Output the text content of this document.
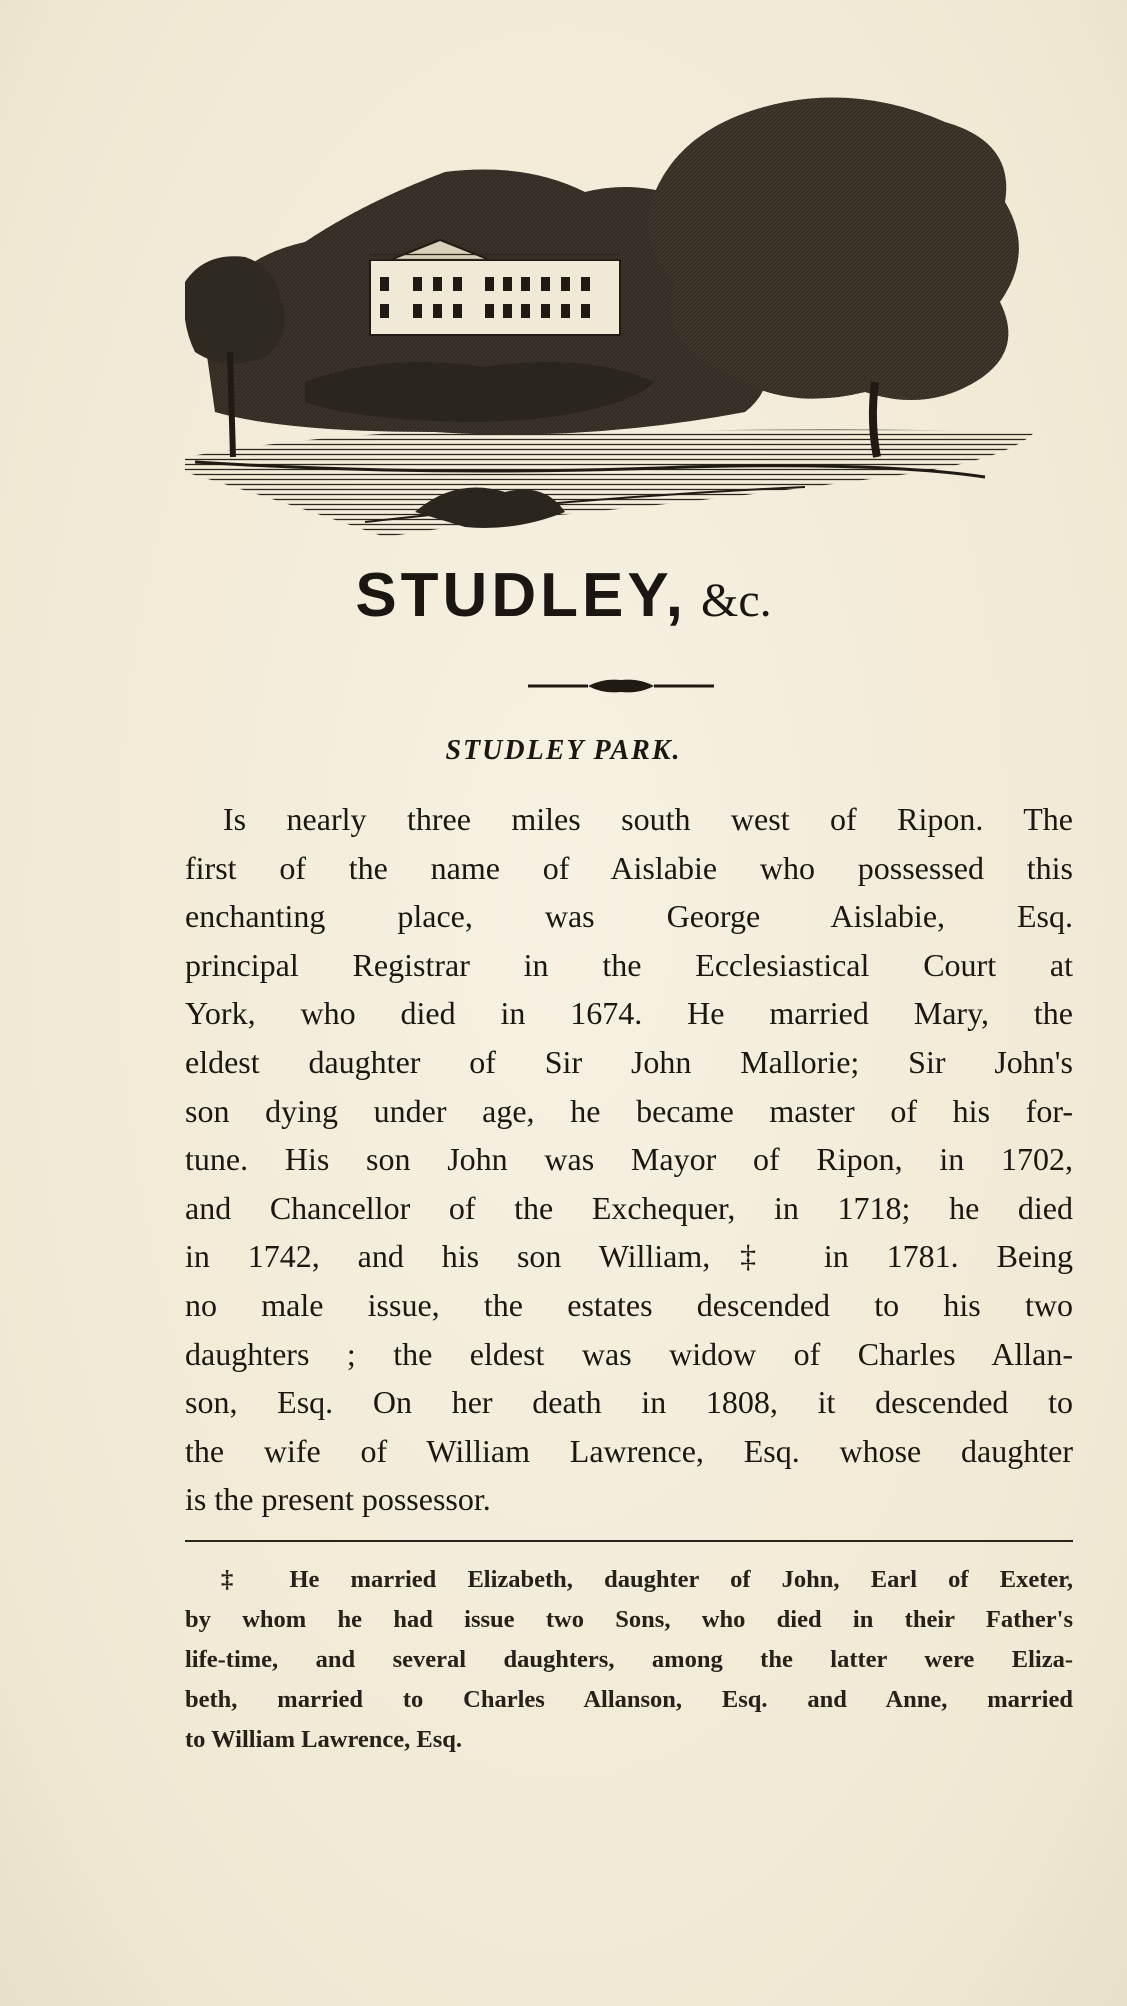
STUDLEY, &c.
STUDLEY PARK.
Is nearly three miles south west of Ripon. The
first of the name of Aislabie who possessed this
enchanting place, was George Aislabie, Esq.
principal Registrar in the Ecclesiastical Court at
York, who died in 1674. He married Mary, the
eldest daughter of Sir John Mallorie; Sir John's
son dying under age, he became master of his for-
tune. His son John was Mayor of Ripon, in 1702,
and Chancellor of the Exchequer, in 1718; he died
in 1742, and his son William,‡ in 1781. Being
no male issue, the estates descended to his two
daughters ; the eldest was widow of Charles Allan-
son, Esq. On her death in 1808, it descended to
the wife of William Lawrence, Esq. whose daughter
is the present possessor.
‡ He married Elizabeth, daughter of John, Earl of Exeter,
by whom he had issue two Sons, who died in their Father's
life-time, and several daughters, among the latter were Eliza-
beth, married to Charles Allanson, Esq. and Anne, married
to William Lawrence, Esq.
